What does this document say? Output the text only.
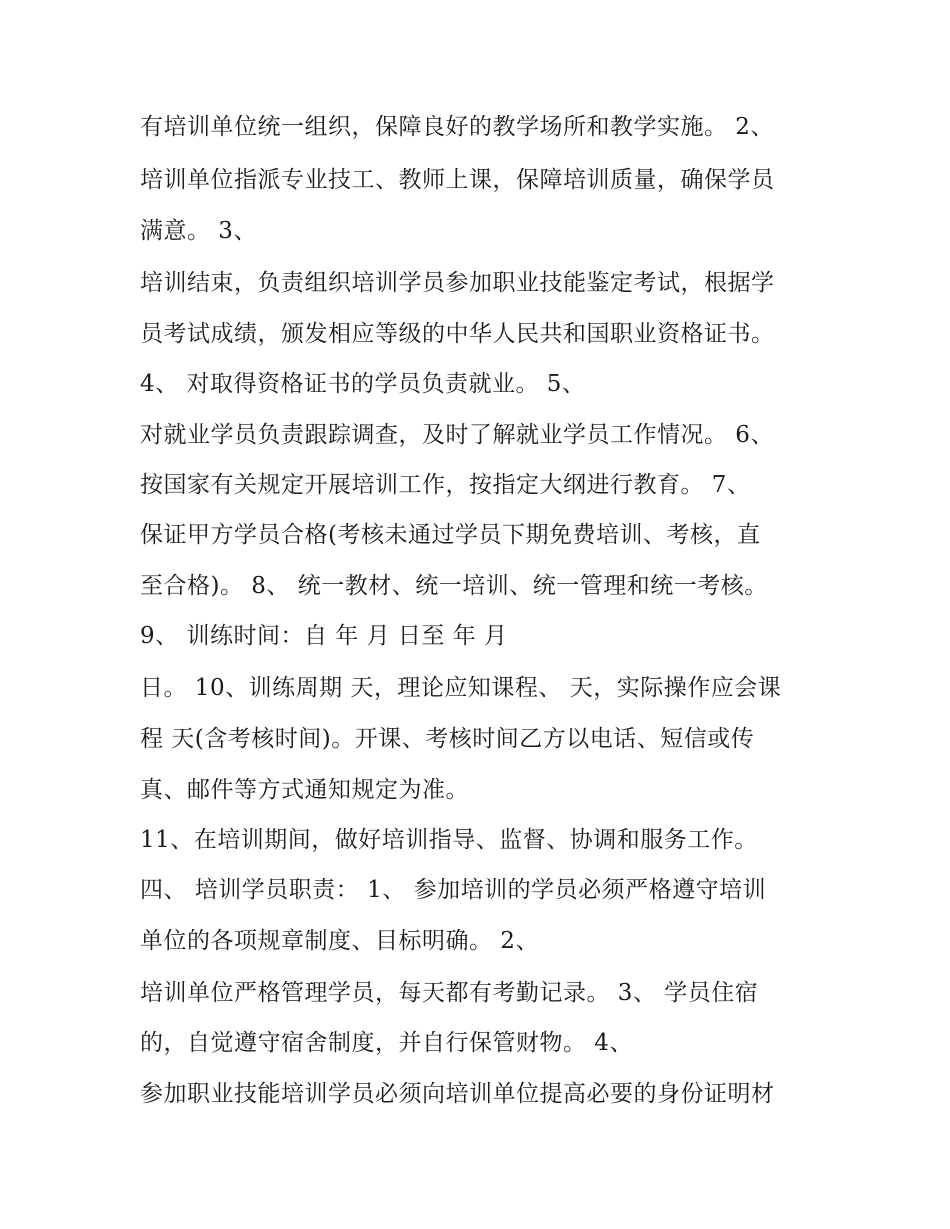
有培训单位统一组织，保障良好的教学场所和教学实施。 2、
培训单位指派专业技工、教师上课，保障培训质量，确保学员
满意。 3、
培训结束，负责组织培训学员参加职业技能鉴定考试，根据学
员考试成绩，颁发相应等级的中华人民共和国职业资格证书。
4、 对取得资格证书的学员负责就业。 5、
对就业学员负责跟踪调查，及时了解就业学员工作情况。 6、
按国家有关规定开展培训工作，按指定大纲进行教育。 7、
保证甲方学员合格(考核未通过学员下期免费培训、考核，直
至合格)。 8、 统一教材、统一培训、统一管理和统一考核。
9、 训练时间：自 年 月 日至 年 月
日。 10、训练周期 天，理论应知课程、 天，实际操作应会课
程 天(含考核时间)。开课、考核时间乙方以电话、短信或传
真、邮件等方式通知规定为准。
11、在培训期间，做好培训指导、监督、协调和服务工作。
四、 培训学员职责： 1、 参加培训的学员必须严格遵守培训
单位的各项规章制度、目标明确。 2、
培训单位严格管理学员，每天都有考勤记录。 3、 学员住宿
的，自觉遵守宿舍制度，并自行保管财物。 4、
参加职业技能培训学员必须向培训单位提高必要的身份证明材
